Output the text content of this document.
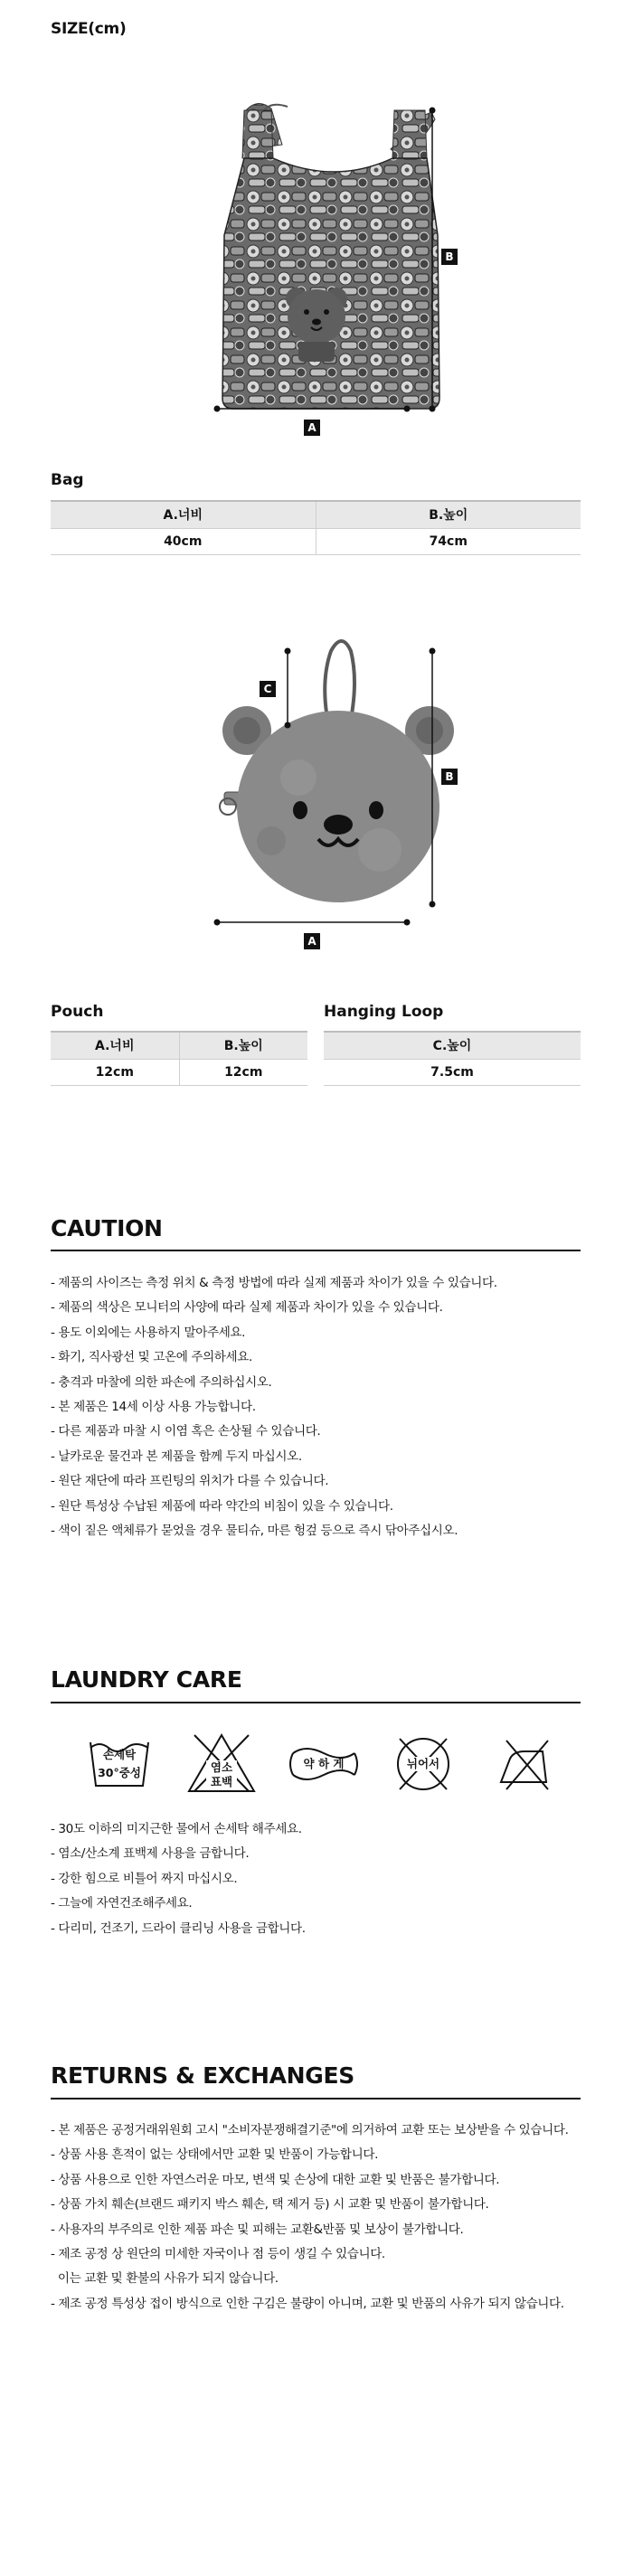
SIZE(cm)
A
B
Bag
A.너비	B.높이
40cm	74cm
C
B
A
Pouch
A.너비	B.높이
12cm	12cm
Hanging Loop
C.높이
7.5cm
CAUTION
- 제품의 사이즈는 측정 위치 & 측정 방법에 따라 실제 제품과 차이가 있을 수 있습니다.
- 제품의 색상은 모니터의 사양에 따라 실제 제품과 차이가 있을 수 있습니다.
- 용도 이외에는 사용하지 말아주세요.
- 화기, 직사광선 및 고온에 주의하세요.
- 충격과 마찰에 의한 파손에 주의하십시오.
- 본 제품은 14세 이상 사용 가능합니다.
- 다른 제품과 마찰 시 이염 혹은 손상될 수 있습니다.
- 날카로운 물건과 본 제품을 함께 두지 마십시오.
- 원단 재단에 따라 프린팅의 위치가 다를 수 있습니다.
- 원단 특성상 수납된 제품에 따라 약간의 비침이 있을 수 있습니다.
- 색이 짙은 액체류가 묻었을 경우 물티슈, 마른 헝겊 등으로 즉시 닦아주십시오.
LAUNDRY CARE
손세탁
30°중성	염소
표백
약 하 게	뉘어서
- 30도 이하의 미지근한 물에서 손세탁 해주세요.
- 염소/산소계 표백제 사용을 금합니다.
- 강한 힘으로 비틀어 짜지 마십시오.
- 그늘에 자연건조해주세요.
- 다리미, 건조기, 드라이 클리닝 사용을 금합니다.
RETURNS & EXCHANGES
- 본 제품은 공정거래위원회 고시 "소비자분쟁해결기준"에 의거하여 교환 또는 보상받을 수 있습니다.
- 상품 사용 흔적이 없는 상태에서만 교환 및 반품이 가능합니다.
- 상품 사용으로 인한 자연스러운 마모, 변색 및 손상에 대한 교환 및 반품은 불가합니다.
- 상품 가치 훼손(브랜드 패키지 박스 훼손, 택 제거 등) 시 교환 및 반품이 불가합니다.
- 사용자의 부주의로 인한 제품 파손 및 피해는 교환&반품 및 보상이 불가합니다.
- 제조 공정 상 원단의 미세한 자국이나 점 등이 생길 수 있습니다.
이는 교환 및 환불의 사유가 되지 않습니다.
- 제조 공정 특성상 접이 방식으로 인한 구김은 불량이 아니며, 교환 및 반품의 사유가 되지 않습니다.
